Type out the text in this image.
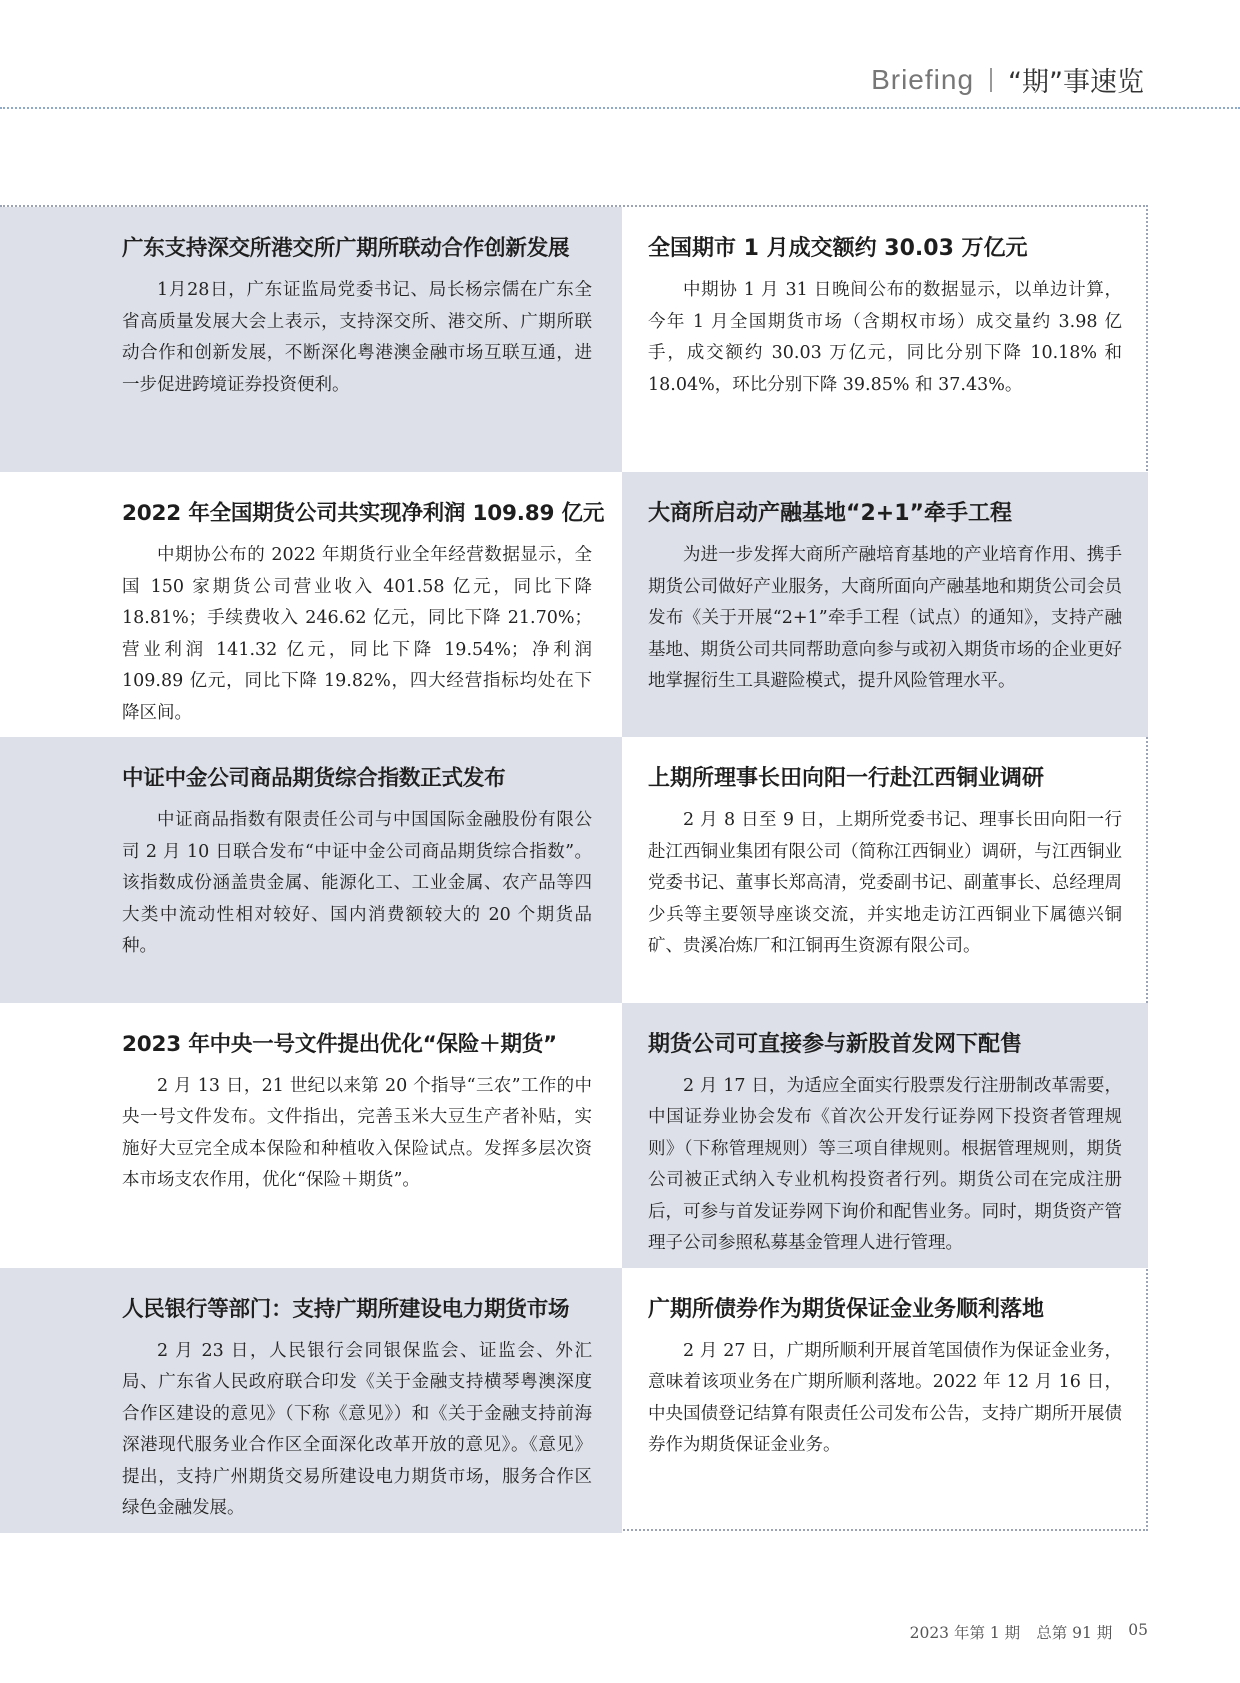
Briefing “期”事速览
广东支持深交所港交所广期所联动合作创新发展

1月28日，广东证监局党委书记、局长杨宗儒在广东全省高质量发展大会上表示，支持深交所、港交所、广期所联动合作和创新发展，不断深化粤港澳金融市场互联互通，进一步促进跨境证券投资便利。

全国期市 1 月成交额约 30.03 万亿元

中期协 1 月 31 日晚间公布的数据显示，以单边计算，今年 1 月全国期货市场（含期权市场）成交量约 3.98 亿手，成交额约 30.03 万亿元，同比分别下降 10.18% 和 18.04%，环比分别下降 39.85% 和 37.43%。

2022 年全国期货公司共实现净利润 109.89 亿元

中期协公布的 2022 年期货行业全年经营数据显示，全国 150 家期货公司营业收入 401.58 亿元，同比下降 18.81%；手续费收入 246.62 亿元，同比下降 21.70%；营业利润 141.32 亿元，同比下降 19.54%；净利润 109.89 亿元，同比下降 19.82%，四大经营指标均处在下降区间。

大商所启动产融基地“2+1”牵手工程

为进一步发挥大商所产融培育基地的产业培育作用、携手期货公司做好产业服务，大商所面向产融基地和期货公司会员发布《关于开展“2+1”牵手工程（试点）的通知》，支持产融基地、期货公司共同帮助意向参与或初入期货市场的企业更好地掌握衍生工具避险模式，提升风险管理水平。

中证中金公司商品期货综合指数正式发布

中证商品指数有限责任公司与中国国际金融股份有限公司 2 月 10 日联合发布“中证中金公司商品期货综合指数”。该指数成份涵盖贵金属、能源化工、工业金属、农产品等四大类中流动性相对较好、国内消费额较大的 20 个期货品种。

上期所理事长田向阳一行赴江西铜业调研

2 月 8 日至 9 日，上期所党委书记、理事长田向阳一行赴江西铜业集团有限公司（简称江西铜业）调研，与江西铜业党委书记、董事长郑高清，党委副书记、副董事长、总经理周少兵等主要领导座谈交流，并实地走访江西铜业下属德兴铜矿、贵溪冶炼厂和江铜再生资源有限公司。

2023 年中央一号文件提出优化“保险＋期货”

2 月 13 日，21 世纪以来第 20 个指导“三农”工作的中央一号文件发布。文件指出，完善玉米大豆生产者补贴，实施好大豆完全成本保险和种植收入保险试点。发挥多层次资本市场支农作用，优化“保险＋期货”。

期货公司可直接参与新股首发网下配售

2 月 17 日，为适应全面实行股票发行注册制改革需要，中国证券业协会发布《首次公开发行证券网下投资者管理规则》（下称管理规则）等三项自律规则。根据管理规则，期货公司被正式纳入专业机构投资者行列。期货公司在完成注册后，可参与首发证券网下询价和配售业务。同时，期货资产管理子公司参照私募基金管理人进行管理。

人民银行等部门：支持广期所建设电力期货市场

2 月 23 日，人民银行会同银保监会、证监会、外汇局、广东省人民政府联合印发《关于金融支持横琴粤澳深度合作区建设的意见》（下称《意见》）和《关于金融支持前海深港现代服务业合作区全面深化改革开放的意见》。《意见》提出，支持广州期货交易所建设电力期货市场，服务合作区绿色金融发展。

广期所债券作为期货保证金业务顺利落地

2 月 27 日，广期所顺利开展首笔国债作为保证金业务，意味着该项业务在广期所顺利落地。2022 年 12 月 16 日，中央国债登记结算有限责任公司发布公告，支持广期所开展债券作为期货保证金业务。

2023 年第 1 期 总第 91 期 05
